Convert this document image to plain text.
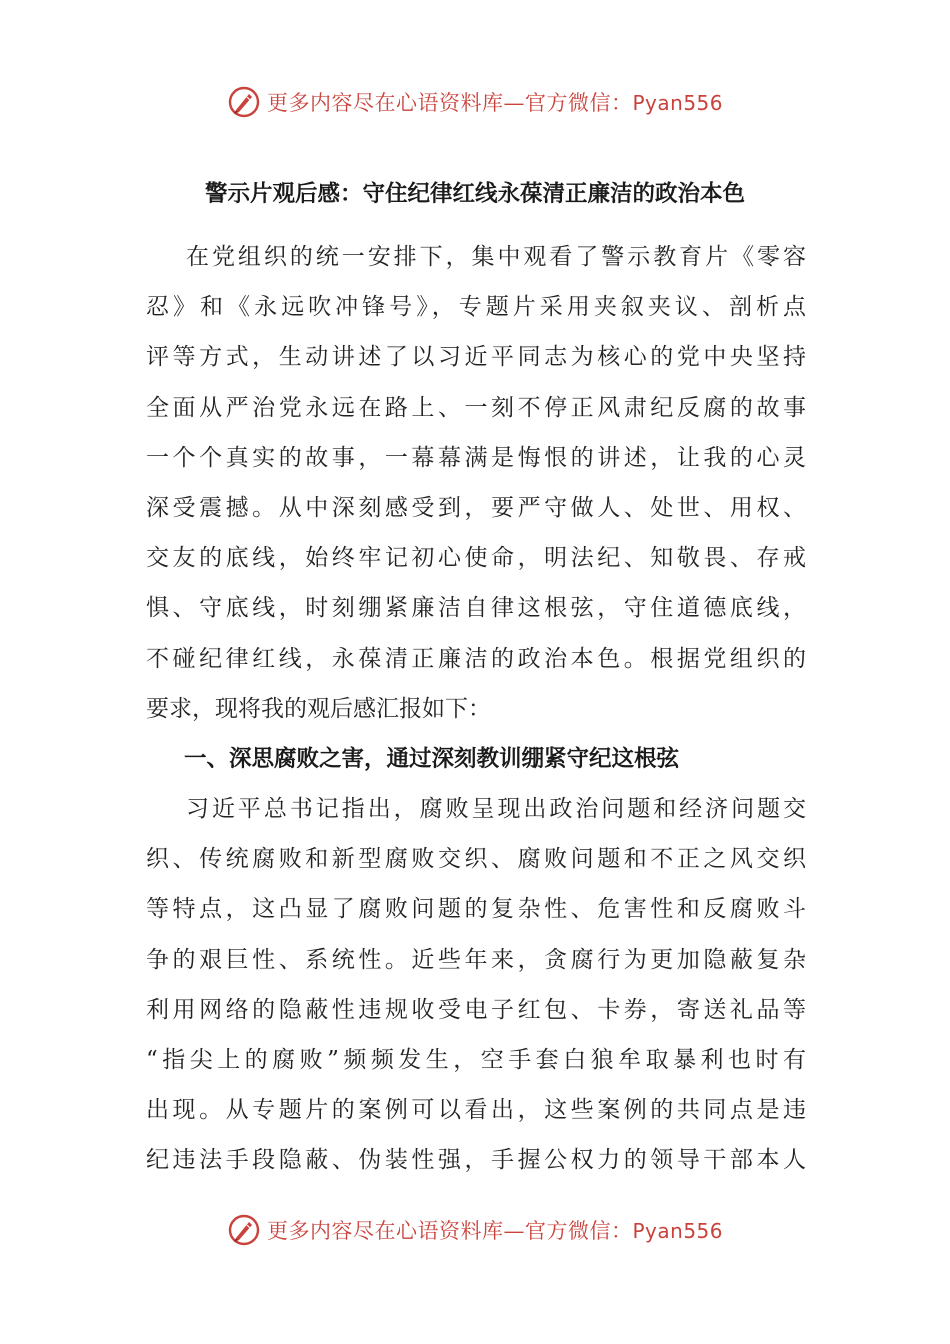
更多内容尽在心语资料库—官方微信：Pyan556
警示片观后感：守住纪律红线永葆清正廉洁的政治本色
在党组织的统一安排下，集中观看了警示教育片《零容
忍》和《永远吹冲锋号》，专题片采用夹叙夹议、剖析点
评等方式，生动讲述了以习近平同志为核心的党中央坚持
全面从严治党永远在路上、一刻不停正风肃纪反腐的故事
一个个真实的故事，一幕幕满是悔恨的讲述，让我的心灵
深受震撼。从中深刻感受到，要严守做人、处世、用权、
交友的底线，始终牢记初心使命，明法纪、知敬畏、存戒
惧、守底线，时刻绷紧廉洁自律这根弦，守住道德底线，
不碰纪律红线，永葆清正廉洁的政治本色。根据党组织的
要求，现将我的观后感汇报如下：
一、深思腐败之害，通过深刻教训绷紧守纪这根弦
习近平总书记指出，腐败呈现出政治问题和经济问题交
织、传统腐败和新型腐败交织、腐败问题和不正之风交织
等特点，这凸显了腐败问题的复杂性、危害性和反腐败斗
争的艰巨性、系统性。近些年来，贪腐行为更加隐蔽复杂
利用网络的隐蔽性违规收受电子红包、卡券，寄送礼品等
“指尖上的腐败”频频发生，空手套白狼牟取暴利也时有
出现。从专题片的案例可以看出，这些案例的共同点是违
纪违法手段隐蔽、伪装性强，手握公权力的领导干部本人
更多内容尽在心语资料库—官方微信：Pyan556
